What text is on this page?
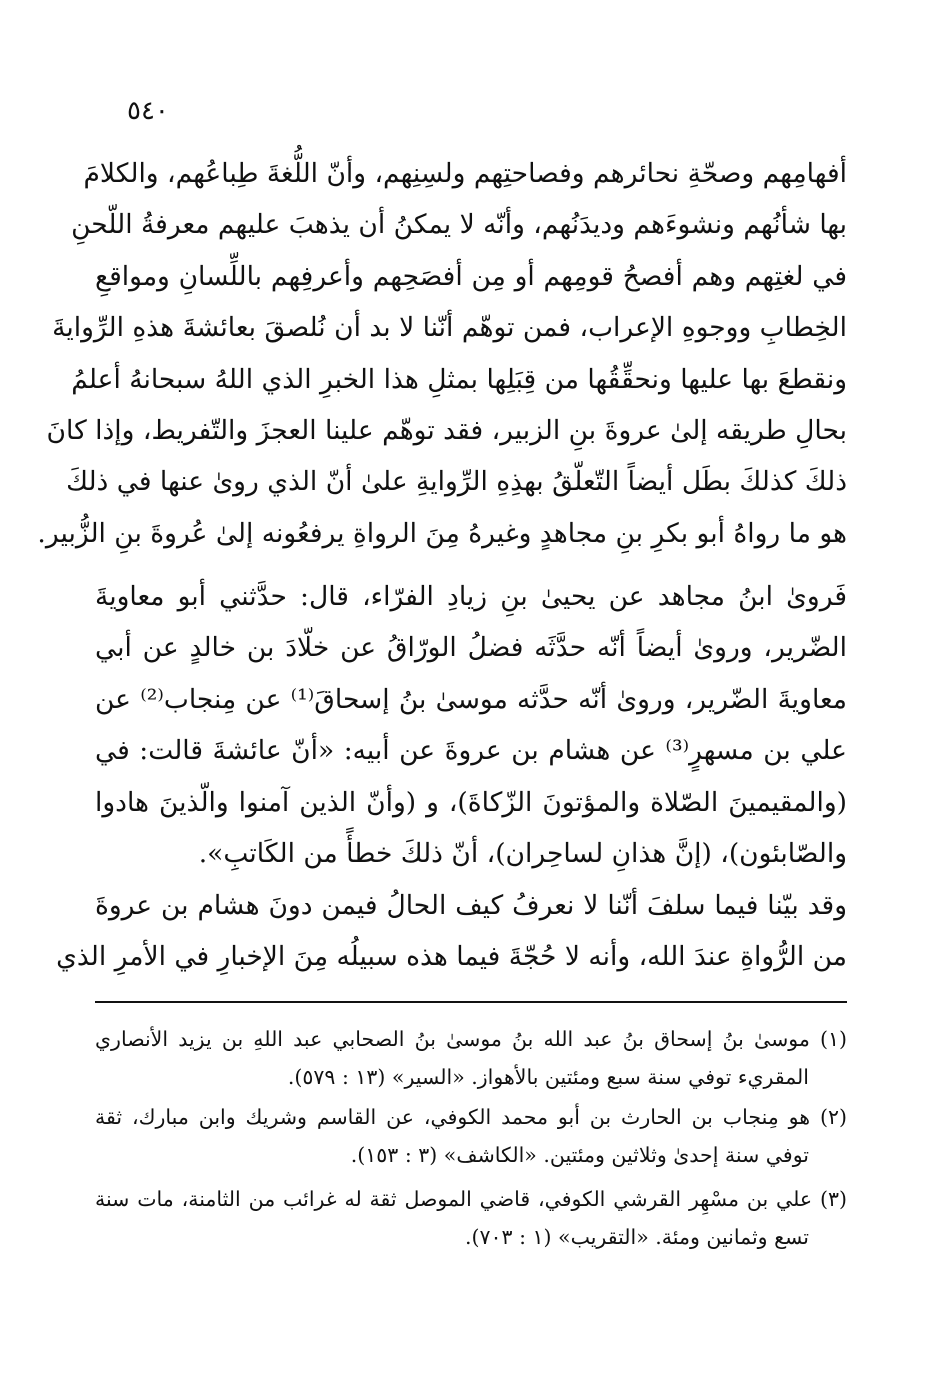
٥٤٠
أفهامِهم وصحّةِ نحائرهم وفصاحتِهم ولسِنِهم، وأنّ اللُّغةَ طِباعُهم، والكلامَ
بها شأنُهم ونشوءَهم وديدَنُهم، وأنّه لا يمكنُ أن يذهبَ عليهم معرفةُ اللّحنِ
في لغتِهم وهم أفصحُ قومِهم أو مِن أفصَحِهم وأعرفِهم باللِّسانِ ومواقعِ
الخِطابِ ووجوهِ الإعراب، فمن توهّم أنّنا لا بد أن نُلصقَ بعائشةَ هذهِ الرِّوايةَ
ونقطعَ بها عليها ونحقِّقُها من قِبَلِها بمثلِ هذا الخبرِ الذي اللهُ سبحانهُ أعلمُ
بحالِ طريقه إلىٰ عروةَ بنِ الزبير، فقد توهّم علينا العجزَ والتّفريط، وإذا كانَ
ذلكَ كذلكَ بطَل أيضاً التّعلّقُ بهذِهِ الرِّوايةِ علىٰ أنّ الذي روىٰ عنها في ذلكَ
هو ما رواهُ أبو بكرِ بنِ مجاهدٍ وغيرهُ مِنَ الرواةِ يرفعُونه إلىٰ عُروةَ بنِ الزُّبير.
فَروىٰ ابنُ مجاهد عن يحيىٰ بنِ زيادِ الفرّاء، قال: حدَّثني أبو معاويةَ
الضّرير، وروىٰ أيضاً أنّه حدَّثَه فضلُ الورّاقُ عن خلّادَ بن خالدٍ عن أبي
معاويةَ الضّرير، وروىٰ أنّه حدَّثه موسىٰ بنُ إسحاقَ⁽¹⁾ عن مِنجاب⁽²⁾ عن
علي بن مسهرٍ⁽³⁾ عن هشام بن عروةَ عن أبيه: «أنّ عائشةَ قالت: في
(والمقيمينَ الصّلاة والمؤتونَ الزّكاةَ)، و (وأنّ الذين آمنوا والّذينَ هادوا
والصّابئون)، (إنَّ هذانِ لساحِران)، أنّ ذلكَ خطأً من الكَاتبِ».
وقد بيّنا فيما سلفَ أنّنا لا نعرفُ كيف الحالُ فيمن دونَ هشام بن عروةَ
من الرُّواةِ عندَ الله، وأنه لا حُجّةَ فيما هذه سبيلُه مِنَ الإخبارِ في الأمرِ الذي
(١) موسىٰ بنُ إسحاق بنُ عبد الله بنُ موسىٰ بنُ الصحابي عبد اللهِ بن يزيد الأنصاري
المقريء توفي سنة سبع ومئتين بالأهواز. «السير» (١٣ : ٥٧٩).
(٢) هو مِنجاب بن الحارث بن أبو محمد الكوفي، عن القاسم وشريك وابن مبارك، ثقة
توفي سنة إحدىٰ وثلاثين ومئتين. «الكاشف» (٣ : ١٥٣).
(٣) علي بن مسْهِر القرشي الكوفي، قاضي الموصل ثقة له غرائب من الثامنة، مات سنة
تسع وثمانين ومئة. «التقريب» (١ : ٧٠٣).
